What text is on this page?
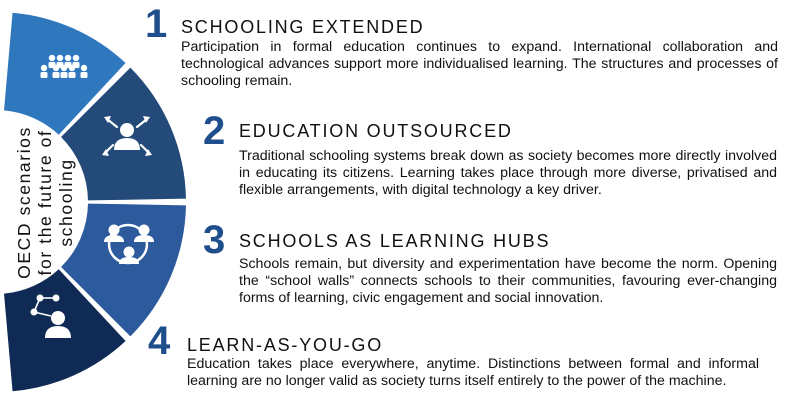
OECD scenarios for the future of schooling
1 SCHOOLING EXTENDED
Participation in formal education continues to expand. International collaboration and technological advances support more individualised learning. The structures and processes of schooling remain.
2 EDUCATION OUTSOURCED
Traditional schooling systems break down as society becomes more directly involved in educating its citizens. Learning takes place through more diverse, privatised and flexible arrangements, with digital technology a key driver.
3 SCHOOLS AS LEARNING HUBS
Schools remain, but diversity and experimentation have become the norm. Opening the “school walls” connects schools to their communities, favouring ever-changing forms of learning, civic engagement and social innovation.
4 LEARN-AS-YOU-GO
Education takes place everywhere, anytime. Distinctions between formal and informal learning are no longer valid as society turns itself entirely to the power of the machine.
